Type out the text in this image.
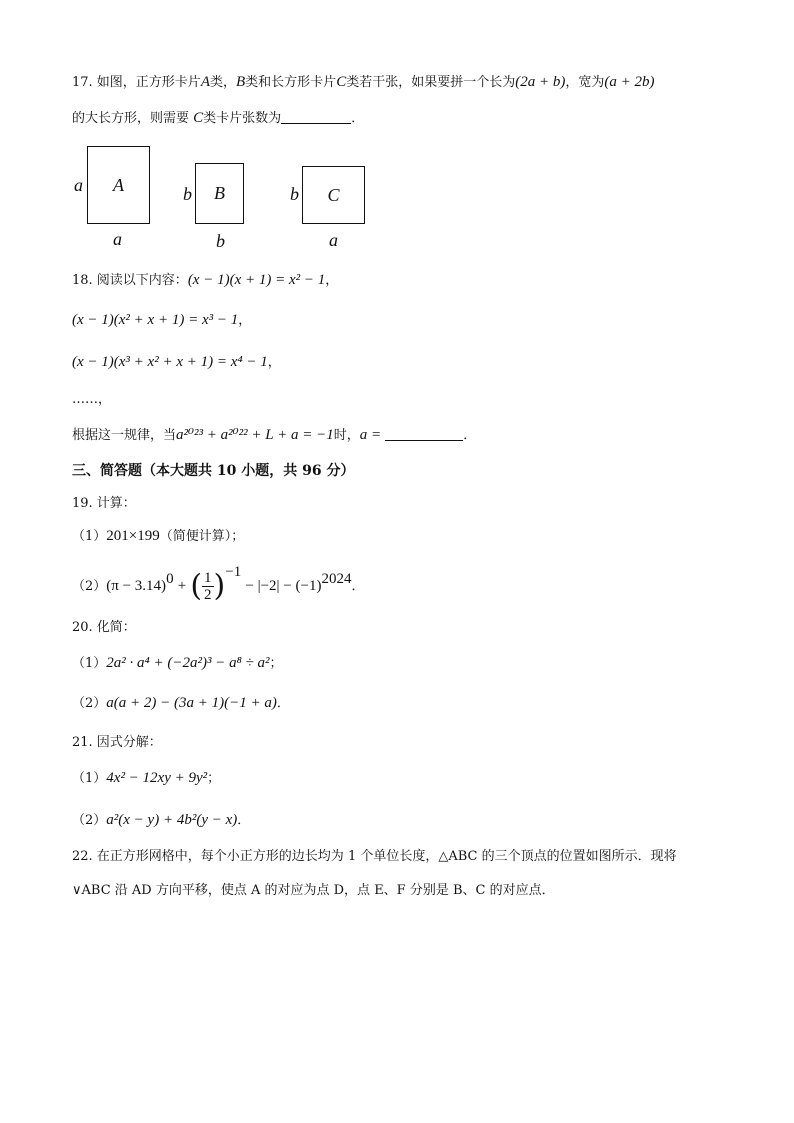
17. 如图，正方形卡片A类，B类和长方形卡片C类若干张，如果要拼一个长为(2a + b)，宽为(a + 2b)
的大长方形，则需要 C类卡片张数为	．
a A
a
b B
b
b C
a
18. 阅读以下内容：(x − 1)(x + 1) = x² − 1，
(x − 1)(x² + x + 1) = x³ − 1，
(x − 1)(x³ + x² + x + 1) = x⁴ − 1，
……，
根据这一规律，当a²⁰²³ + a²⁰²² + L + a = −1时，a =	．
三、简答题（本大题共 10 小题，共 96 分）
19. 计算：
（1）201×199（简便计算）；
$(2)(\pi - 3.14)^0$ + ( $\frac{1}{2} )^{-1} - |-2| - (-1)^{2024}$．
20. 化简：
（1）2a² · a⁴ + (−2a²)³ − a⁸ ÷ a²；
（2）a(a + 2) − (3a + 1)(−1 + a)．
21. 因式分解：
（1）4x² − 12xy + 9y²；
（2）a²(x − y) + 4b²(y − x)．
22. 在正方形网格中，每个小正方形的边长均为 1 个单位长度，△ABC 的三个顶点的位置如图所示．现将
∨ABC 沿 AD 方向平移，使点 A 的对应为点 D，点 E、F 分别是 B、C 的对应点．
